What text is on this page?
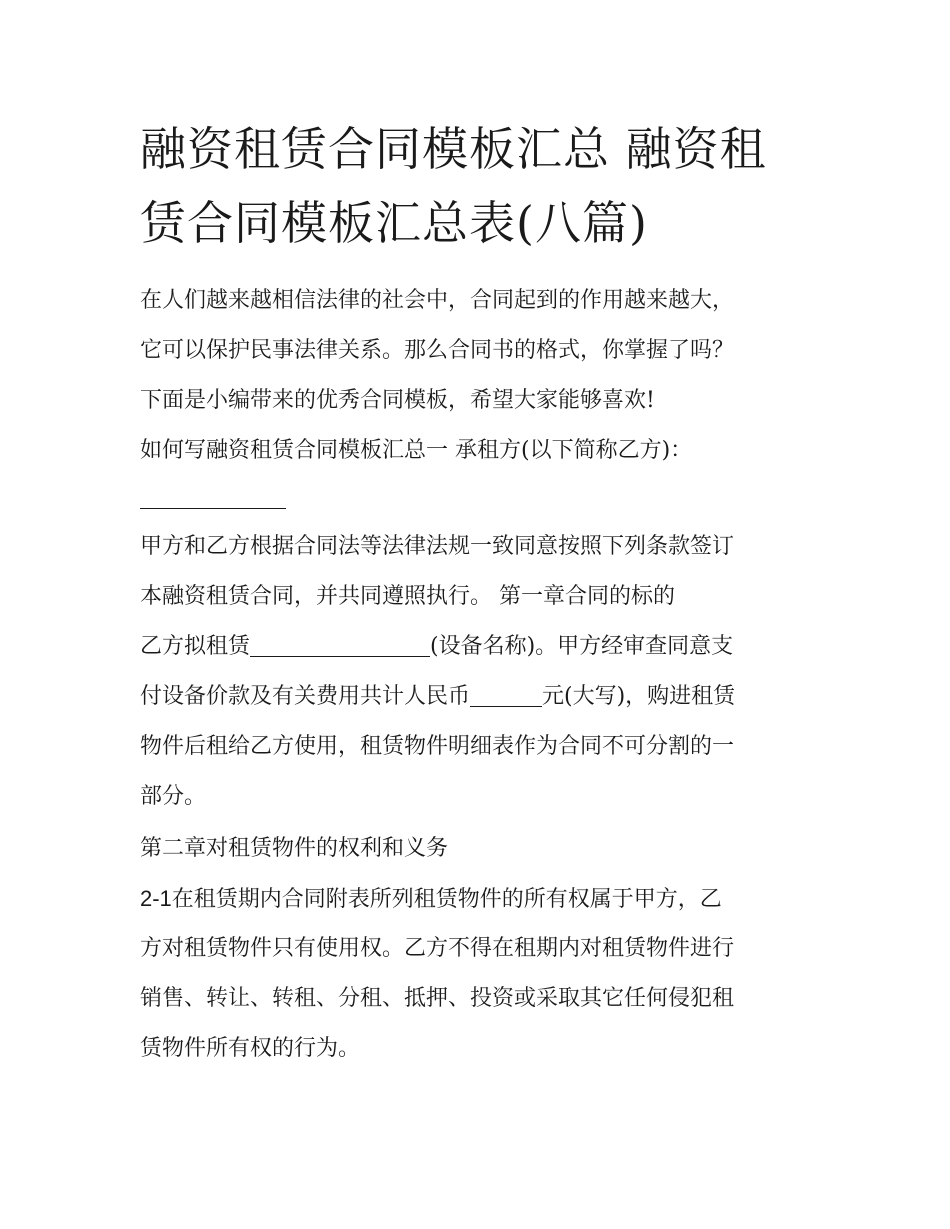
融资租赁合同模板汇总 融资租
赁合同模板汇总表(八篇)

在人们越来越相信法律的社会中，合同起到的作用越来越大，

它可以保护民事法律关系。那么合同书的格式，你掌握了吗？

下面是小编带来的优秀合同模板，希望大家能够喜欢!

如何写融资租赁合同模板汇总一 承租方(以下简称乙方)：

甲方和乙方根据合同法等法律法规一致同意按照下列条款签订

本融资租赁合同，并共同遵照执行。 第一章合同的标的

乙方拟租赁	(设备名称)。甲方经审查同意支

付设备价款及有关费用共计人民币	元(大写)，购进租赁

物件后租给乙方使用，租赁物件明细表作为合同不可分割的一

部分。

第二章对租赁物件的权利和义务

2-1在租赁期内合同附表所列租赁物件的所有权属于甲方，乙

方对租赁物件只有使用权。乙方不得在租期内对租赁物件进行

销售、转让、转租、分租、抵押、投资或采取其它任何侵犯租

赁物件所有权的行为。
